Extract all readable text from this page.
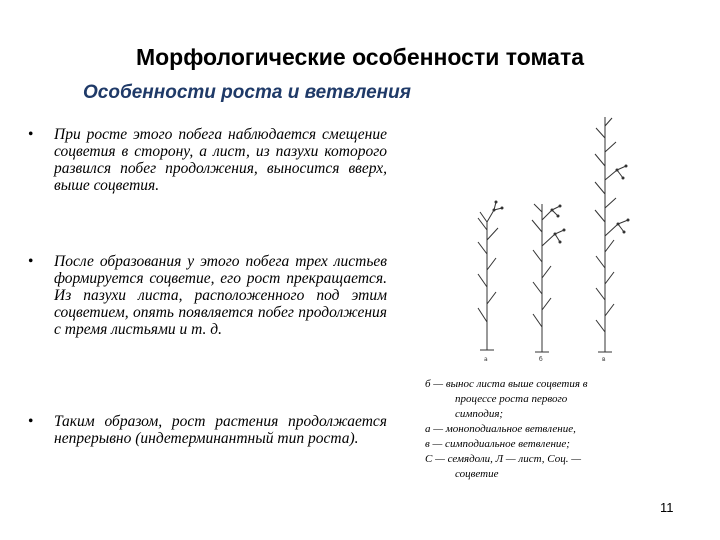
Морфологические особенности томата
Особенности роста и ветвления
• При росте этого побега наблюдается смещение соцветия в сторону, а лист, из пазухи которого развился побег продолжения, выносится вверх, выше соцветия.
• После образования у этого побега трех листьев формируется соцветие, его рост прекращается. Из пазухи листа, расположенного под этим соцветием, опять появляется побег продолжения с тремя листьями и т. д.
• Таким образом, рост растения продолжается непрерывно (индетерминантный тип роста).
а	б	в
б — вынос листа выше соцветия в
процессе роста первого
симподия;
а — моноподиальное ветвление,
в — симподиальное ветвление;
С — семядоли, Л — лист, Соц. —
соцветие
11
